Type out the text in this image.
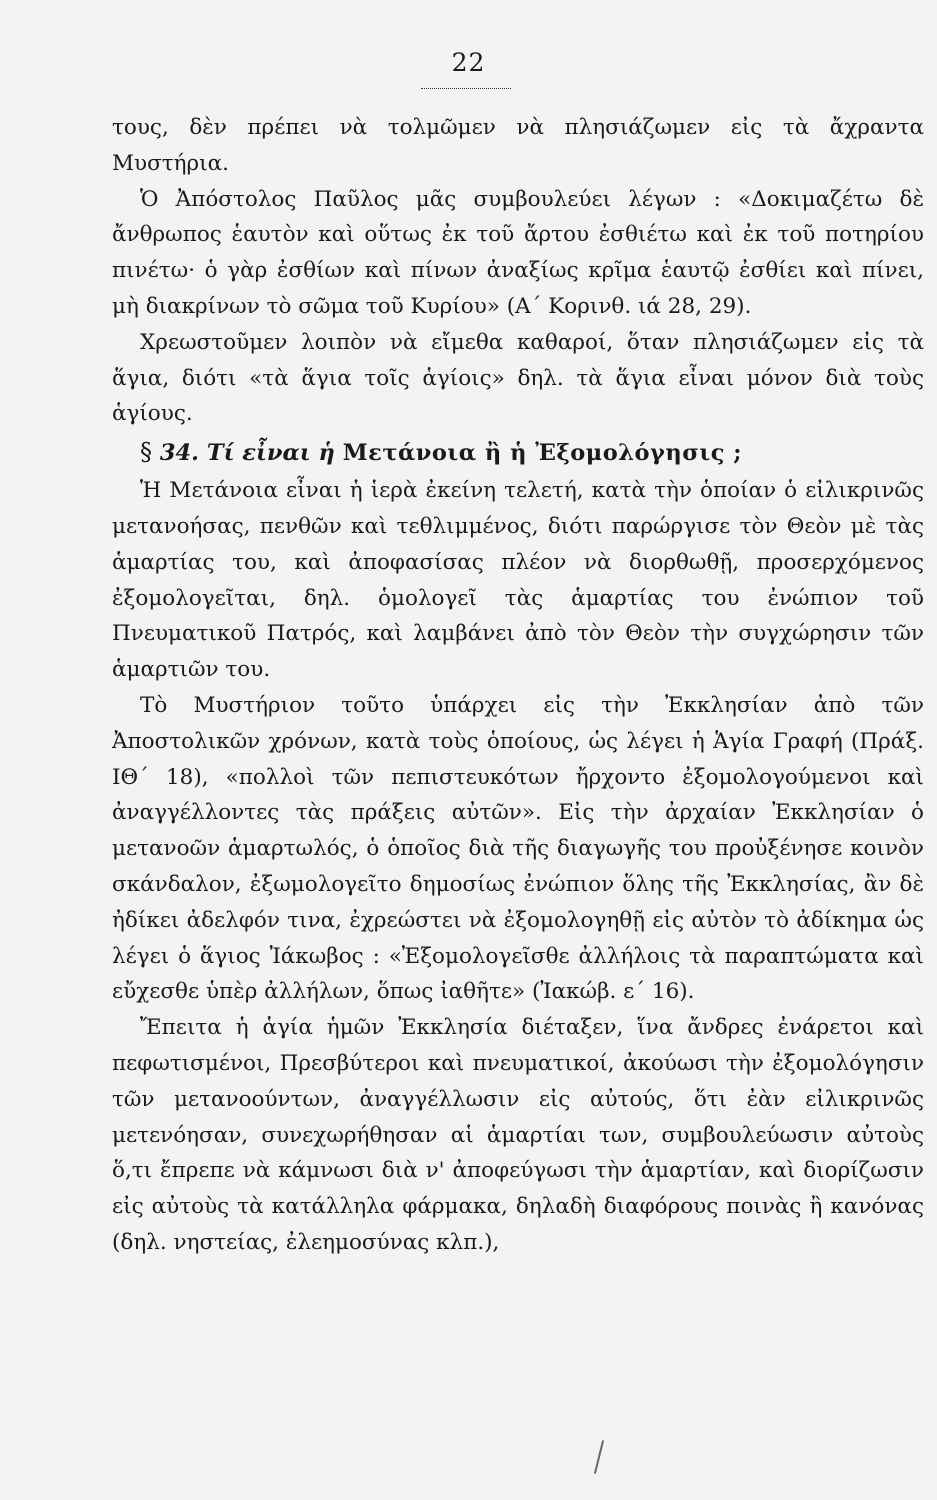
22

τους, δὲν πρέπει νὰ τολμῶμεν νὰ πλησιάζωμεν εἰς τὰ ἄχραντα Μυστήρια.

Ὁ Ἀπόστολος Παῦλος μᾶς συμβουλεύει λέγων : «Δοκιμαζέτω δὲ ἄνθρωπος ἑαυτὸν καὶ οὕτως ἐκ τοῦ ἄρτου ἐσθιέτω καὶ ἐκ τοῦ ποτηρίου πινέτω· ὁ γὰρ ἐσθίων καὶ πίνων ἀναξίως κρῖμα ἑαυτῷ ἐσθίει καὶ πίνει, μὴ διακρίνων τὸ σῶμα τοῦ Κυρίου» (Α΄ Κορινθ. ιά 28, 29).

Χρεωστοῦμεν λοιπὸν νὰ εἴμεθα καθαροί, ὅταν πλησιάζωμεν εἰς τὰ ἅγια, διότι «τὰ ἅγια τοῖς ἁγίοις» δηλ. τὰ ἅγια εἶναι μόνον διὰ τοὺς ἁγίους.

§ 34. Τί εἶναι ἡ Μετάνοια ἢ ἡ Ἐξομολόγησις ;

Ἡ Μετάνοια εἶναι ἡ ἱερὰ ἐκείνη τελετή, κατὰ τὴν ὁποίαν ὁ εἰλικρινῶς μετανοήσας, πενθῶν καὶ τεθλιμμένος, διότι παρώργισε τὸν Θεὸν μὲ τὰς ἁμαρτίας του, καὶ ἀποφασίσας πλέον νὰ διορθωθῇ, προσερχόμενος ἐξομολογεῖται, δηλ. ὁμολογεῖ τὰς ἁμαρτίας του ἐνώπιον τοῦ Πνευματικοῦ Πατρός, καὶ λαμβάνει ἀπὸ τὸν Θεὸν τὴν συγχώρησιν τῶν ἁμαρτιῶν του.

Τὸ Μυστήριον τοῦτο ὑπάρχει εἰς τὴν Ἐκκλησίαν ἀπὸ τῶν Ἀποστολικῶν χρόνων, κατὰ τοὺς ὁποίους, ὡς λέγει ἡ Ἁγία Γραφή (Πράξ. ΙΘ΄ 18), «πολλοὶ τῶν πεπιστευκότων ἤρχοντο ἐξομολογούμενοι καὶ ἀναγγέλλοντες τὰς πράξεις αὐτῶν». Εἰς τὴν ἀρχαίαν Ἐκκλησίαν ὁ μετανοῶν ἁμαρτωλός, ὁ ὁποῖος διὰ τῆς διαγωγῆς του προὐξένησε κοινὸν σκάνδαλον, ἐξωμολογεῖτο δημοσίως ἐνώπιον ὅλης τῆς Ἐκκλησίας, ἂν δὲ ἠδίκει ἀδελφόν τινα, ἐχρεώστει νὰ ἐξομολογηθῇ εἰς αὐτὸν τὸ ἀδίκημα ὡς λέγει ὁ ἅγιος Ἰάκωβος : «Ἐξομολογεῖσθε ἀλλήλοις τὰ παραπτώματα καὶ εὔχεσθε ὑπὲρ ἀλλήλων, ὅπως ἰαθῆτε» (Ἰακώβ. ε΄ 16).

Ἔπειτα ἡ ἁγία ἡμῶν Ἐκκλησία διέταξεν, ἵνα ἄνδρες ἐνάρετοι καὶ πεφωτισμένοι, Πρεσβύτεροι καὶ πνευματικοί, ἀκούωσι τὴν ἐξομολόγησιν τῶν μετανοούντων, ἀναγγέλλωσιν εἰς αὐτούς, ὅτι ἐὰν εἰλικρινῶς μετενόησαν, συνεχωρήθησαν αἱ ἁμαρτίαι των, συμβουλεύωσιν αὐτοὺς ὅ,τι ἔπρεπε νὰ κάμνωσι διὰ ν' ἀποφεύγωσι τὴν ἁμαρτίαν, καὶ διορίζωσιν εἰς αὐτοὺς τὰ κατάλληλα φάρμακα, δηλαδὴ διαφόρους ποινὰς ἢ κανόνας (δηλ. νηστείας, ἐλεημοσύνας κλπ.),
